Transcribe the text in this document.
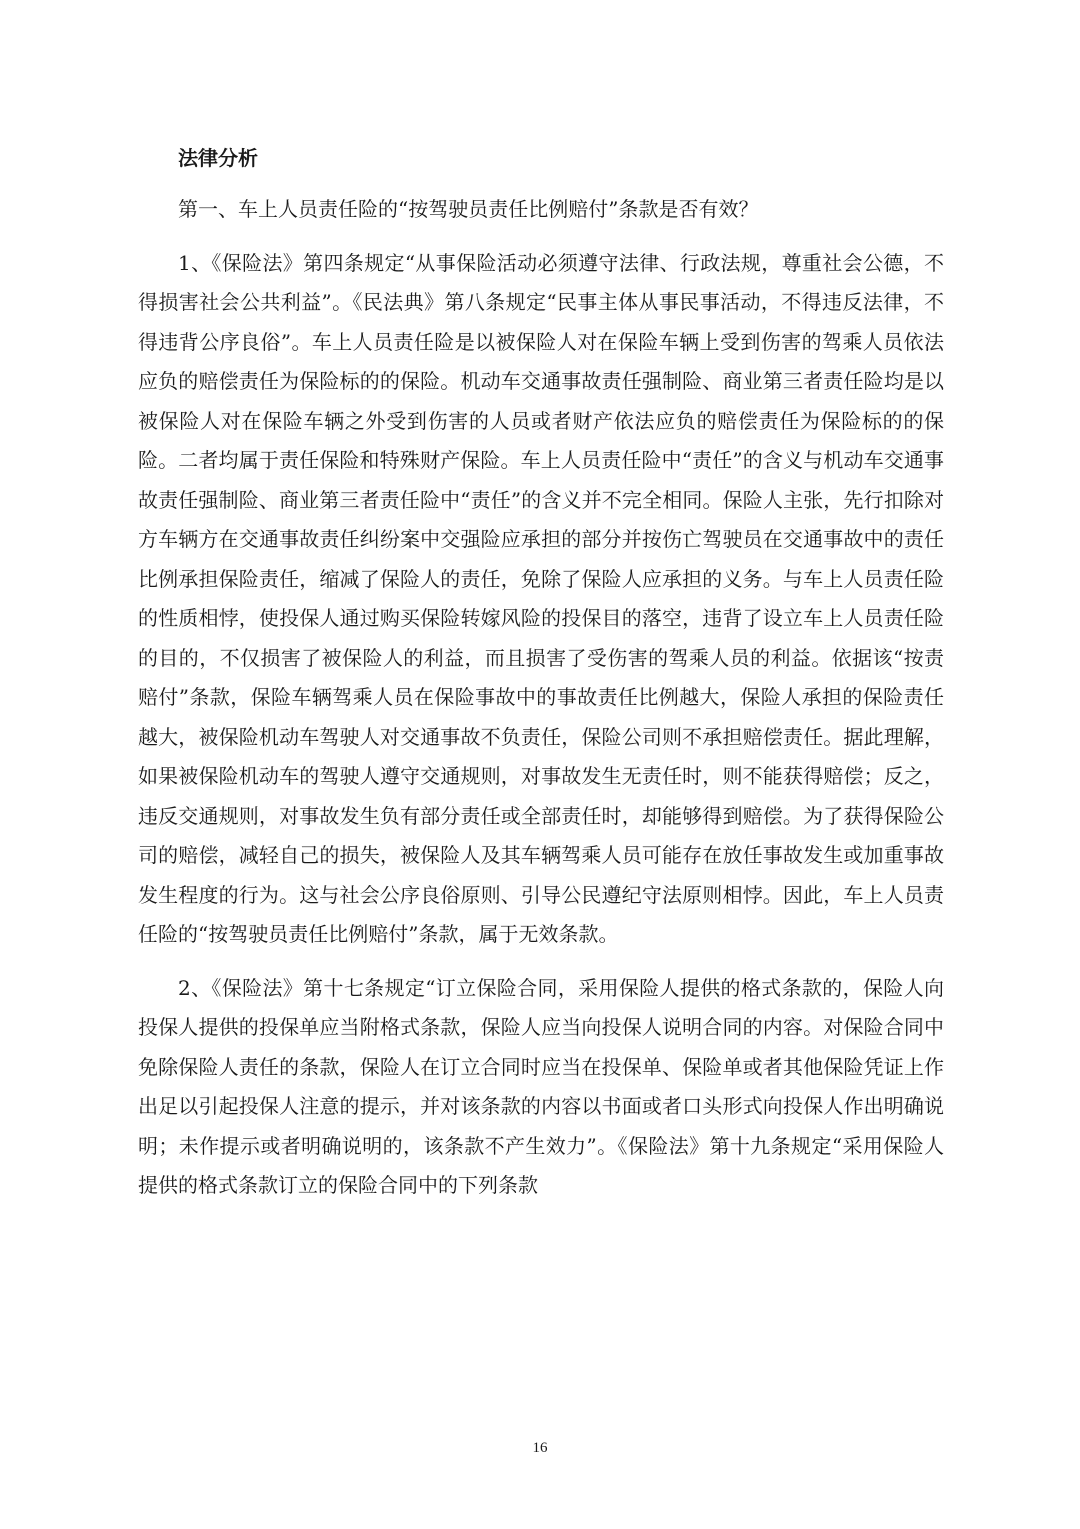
法律分析

第一、车上人员责任险的“按驾驶员责任比例赔付”条款是否有效？

1、《保险法》第四条规定“从事保险活动必须遵守法律、行政法规，尊重社会公德，不得损害社会公共利益”。《民法典》第八条规定“民事主体从事民事活动，不得违反法律，不得违背公序良俗”。车上人员责任险是以被保险人对在保险车辆上受到伤害的驾乘人员依法应负的赔偿责任为保险标的的保险。机动车交通事故责任强制险、商业第三者责任险均是以被保险人对在保险车辆之外受到伤害的人员或者财产依法应负的赔偿责任为保险标的的保险。二者均属于责任保险和特殊财产保险。车上人员责任险中“责任”的含义与机动车交通事故责任强制险、商业第三者责任险中“责任”的含义并不完全相同。保险人主张，先行扣除对方车辆方在交通事故责任纠纷案中交强险应承担的部分并按伤亡驾驶员在交通事故中的责任比例承担保险责任，缩减了保险人的责任，免除了保险人应承担的义务。与车上人员责任险的性质相悖，使投保人通过购买保险转嫁风险的投保目的落空，违背了设立车上人员责任险的目的，不仅损害了被保险人的利益，而且损害了受伤害的驾乘人员的利益。依据该“按责赔付”条款，保险车辆驾乘人员在保险事故中的事故责任比例越大，保险人承担的保险责任越大，被保险机动车驾驶人对交通事故不负责任，保险公司则不承担赔偿责任。据此理解，如果被保险机动车的驾驶人遵守交通规则，对事故发生无责任时，则不能获得赔偿；反之，违反交通规则，对事故发生负有部分责任或全部责任时，却能够得到赔偿。为了获得保险公司的赔偿，减轻自己的损失，被保险人及其车辆驾乘人员可能存在放任事故发生或加重事故发生程度的行为。这与社会公序良俗原则、引导公民遵纪守法原则相悖。因此，车上人员责任险的“按驾驶员责任比例赔付”条款，属于无效条款。

2、《保险法》第十七条规定“订立保险合同，采用保险人提供的格式条款的，保险人向投保人提供的投保单应当附格式条款，保险人应当向投保人说明合同的内容。对保险合同中免除保险人责任的条款，保险人在订立合同时应当在投保单、保险单或者其他保险凭证上作出足以引起投保人注意的提示，并对该条款的内容以书面或者口头形式向投保人作出明确说明；未作提示或者明确说明的，该条款不产生效力”。《保险法》第十九条规定“采用保险人提供的格式条款订立的保险合同中的下列条款

16
